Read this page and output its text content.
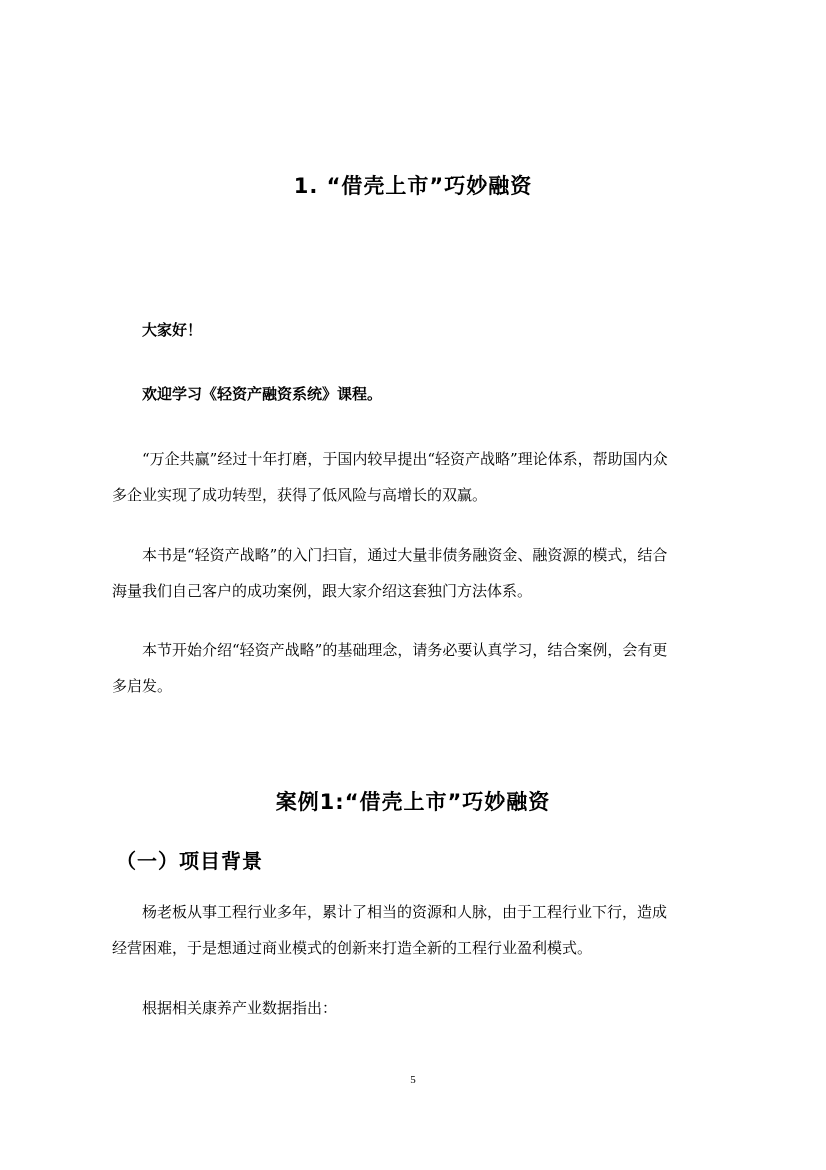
1. “借壳上市”巧妙融资
大家好！
欢迎学习《轻资产融资系统》课程。
“万企共赢”经过十年打磨，于国内较早提出“轻资产战略”理论体系，帮助国内众多企业实现了成功转型，获得了低风险与高增长的双赢。
本书是“轻资产战略”的入门扫盲，通过大量非债务融资金、融资源的模式，结合海量我们自己客户的成功案例，跟大家介绍这套独门方法体系。
本节开始介绍“轻资产战略”的基础理念，请务必要认真学习，结合案例，会有更多启发。
案例1:“借壳上市”巧妙融资
（一）项目背景
杨老板从事工程行业多年，累计了相当的资源和人脉，由于工程行业下行，造成经营困难，于是想通过商业模式的创新来打造全新的工程行业盈利模式。
根据相关康养产业数据指出：
5
